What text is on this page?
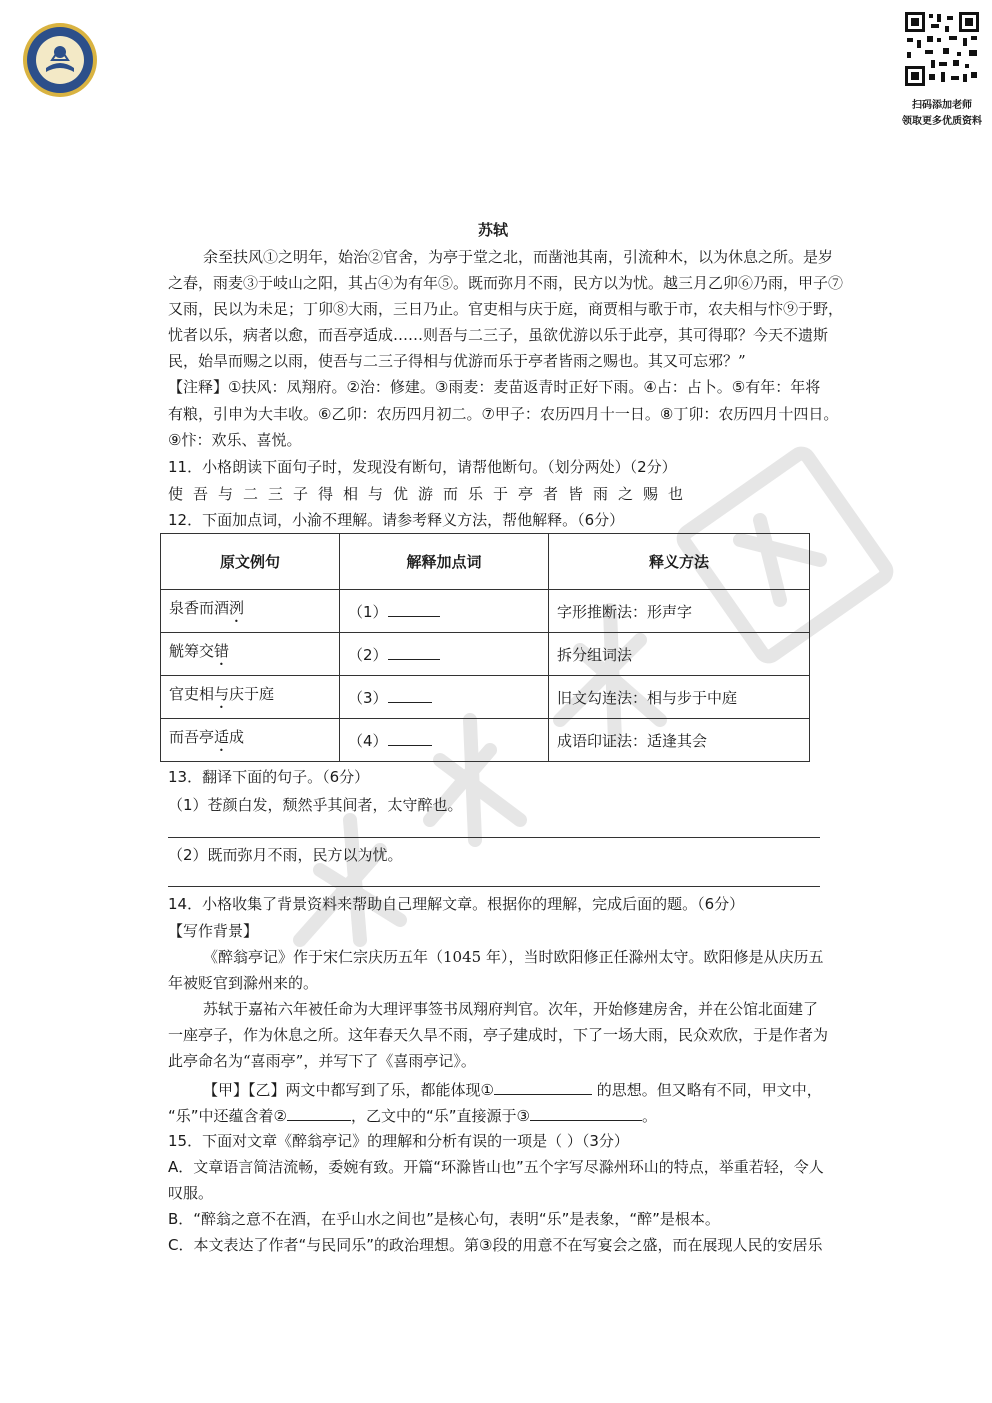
扫码添加老师
领取更多优质资料
苏轼
余至扶风①之明年，始治②官舍，为亭于堂之北，而凿池其南，引流种木，以为休息之所。是岁
之春，雨麦③于岐山之阳，其占④为有年⑤。既而弥月不雨，民方以为忧。越三月乙卯⑥乃雨，甲子⑦
又雨，民以为未足；丁卯⑧大雨，三日乃止。官吏相与庆于庭，商贾相与歌于市，农夫相与忭⑨于野，
忧者以乐，病者以愈，而吾亭适成……则吾与二三子，虽欲优游以乐于此亭，其可得耶？今天不遗斯
民，始旱而赐之以雨，使吾与二三子得相与优游而乐于亭者皆雨之赐也。其又可忘邪？”
【注释】①扶风：凤翔府。②治：修建。③雨麦：麦苗返青时正好下雨。④占：占卜。⑤有年：年将
有粮，引申为大丰收。⑥乙卯：农历四月初二。⑦甲子：农历四月十一日。⑧丁卯：农历四月十四日。
⑨忭：欢乐、喜悦。
11．小格朗读下面句子时，发现没有断句，请帮他断句。（划分两处）（2分）
使吾与二三子得相与优游而乐于亭者皆雨之赐也
12．下面加点词，小渝不理解。请参考释义方法，帮他解释。（6分）
原文例句	解释加点词	释义方法
泉香而酒洌	（1）	字形推断法：形声字
觥筹交错	（2）	拆分组词法
官吏相与庆于庭	（3）	旧文勾连法：相与步于中庭
而吾亭适成	（4）	成语印证法：适逢其会
13．翻译下面的句子。（6分）
（1）苍颜白发，颓然乎其间者，太守醉也。
（2）既而弥月不雨，民方以为忧。
14．小格收集了背景资料来帮助自己理解文章。根据你的理解，完成后面的题。（6分）
【写作背景】
《醉翁亭记》作于宋仁宗庆历五年（1045 年），当时欧阳修正任滁州太守。欧阳修是从庆历五
年被贬官到滁州来的。
苏轼于嘉祐六年被任命为大理评事签书凤翔府判官。次年，开始修建房舍，并在公馆北面建了
一座亭子，作为休息之所。这年春天久旱不雨，亭子建成时，下了一场大雨，民众欢欣，于是作者为
此亭命名为“喜雨亭”，并写下了《喜雨亭记》。
【甲】【乙】两文中都写到了乐，都能体现①	的思想。但又略有不同，甲文中，
“乐”中还蕴含着②	，乙文中的“乐”直接源于③	。
15．下面对文章《醉翁亭记》的理解和分析有误的一项是（ ）（3分）
A．文章语言简洁流畅，委婉有致。开篇“环滁皆山也”五个字写尽滁州环山的特点，举重若轻，令人
叹服。
B．“醉翁之意不在酒，在乎山水之间也”是核心句，表明“乐”是表象，“醉”是根本。
C．本文表达了作者“与民同乐”的政治理想。第③段的用意不在写宴会之盛，而在展现人民的安居乐
